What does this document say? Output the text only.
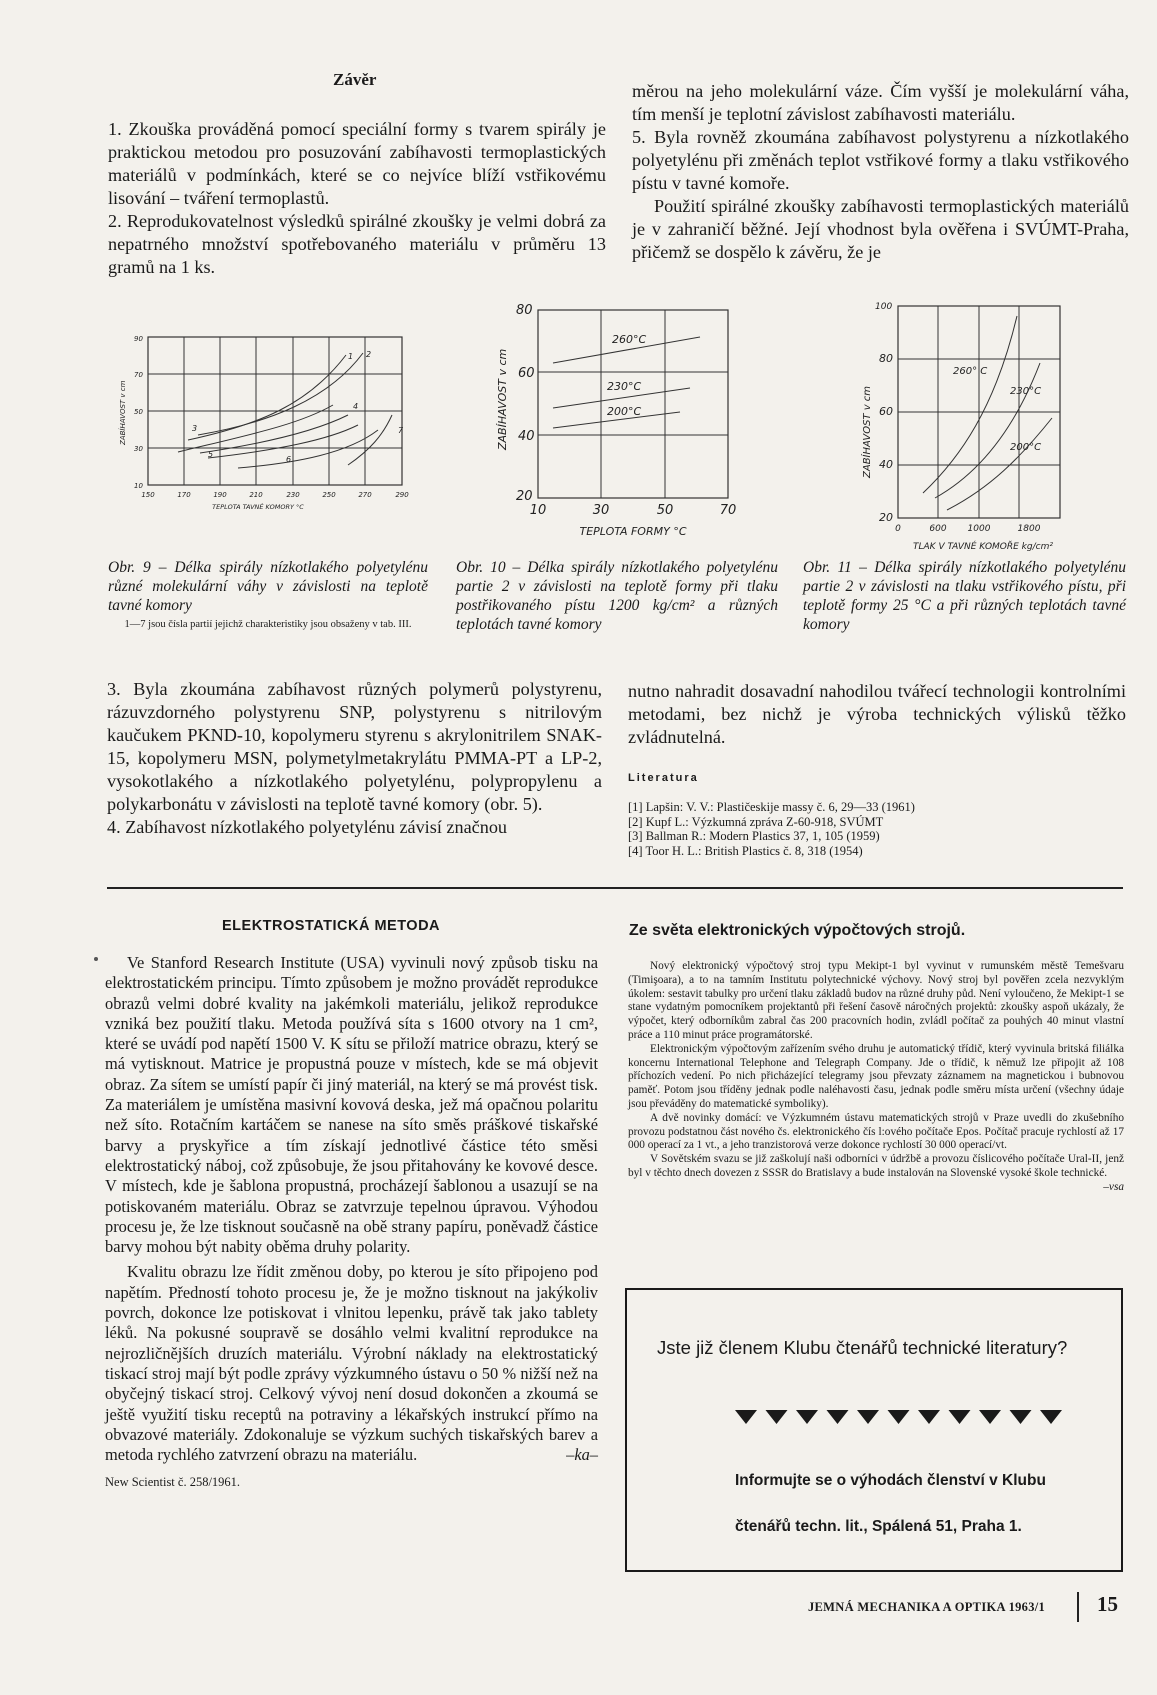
Závěr

1. Zkouška prováděná pomocí speciální formy s tvarem spirály je praktickou metodou pro posuzování zabíhavosti termoplastických materiálů v podmínkách, které se co nejvíce blíží vstřikovému lisování – tváření termoplastů.

2. Reprodukovatelnost výsledků spirálné zkoušky je velmi dobrá za nepatrného množství spotřebovaného materiálu v průměru 13 gramů na 1 ks.

měrou na jeho molekulární váze. Čím vyšší je molekulární váha, tím menší je teplotní závislost zabíhavosti materiálu.

5. Byla rovněž zkoumána zabíhavost polystyrenu a nízkotlakého polyetylénu při změnách teplot vstřikové formy a tlaku vstřikového pístu v tavné komoře.

Použití spirálné zkoušky zabíhavosti termoplastických materiálů je v zahraničí běžné. Její vhodnost byla ověřena i SVÚMT-Praha, přičemž se dospělo k závěru, že je

ZABÍHAVOST v cm
90
70
50
30
10
150	170	190	210	230	250	270	290
TEPLOTA TAVNÉ KOMORY °C
1 2
3
4
5
6
7	ZABÍHAVOST v cm
80
60
40
20
10	30	50	70
TEPLOTA FORMY °C
260°C
230°C
200°C	ZABÍHAVOST v cm
100
80
60
40
20
0	600 1000	1800
TLAK V TAVNÉ KOMOŘE kg/cm²
260° C
230°C
200°C
Obr. 9 – Délka spirály nízkotlakého polyetylénu různé molekulární váhy v závislosti na teplotě tavné komory
1—7 jsou čísla partií jejichž charakteristiky jsou obsaženy v tab. III.
Obr. 10 – Délka spirály nízkotlakého polyetylénu partie 2 v závislosti na teplotě formy při tlaku postřikovaného pístu 1200 kg/cm² a různých teplotách tavné komory
Obr. 11 – Délka spirály nízkotlakého polyetylénu partie 2 v závislosti na tlaku vstřikového pístu, při teplotě formy 25 °C a při různých teplotách tavné komory

3. Byla zkoumána zabíhavost různých polymerů polystyrenu, rázuvzdorného polystyrenu SNP, polystyrenu s nitrilovým kaučukem PKND-10, kopolymeru styrenu s akrylonitrilem SNAK-15, kopolymeru MSN, polymetylmetakrylátu PMMA-PT a LP-2, vysokotlakého a nízkotlakého polyetylénu, polypropylenu a polykarbonátu v závislosti na teplotě tavné komory (obr. 5).

4. Zabíhavost nízkotlakého polyetylénu závisí značnou

nutno nahradit dosavadní nahodilou tvářecí technologii kontrolními metodami, bez nichž je výroba technických výlisků těžko zvládnutelná.
Literatura
[1] Lapšin: V. V.: Plastičeskije massy č. 6, 29—33 (1961)
[2] Kupf L.: Výzkumná zpráva Z-60-918, SVÚMT
[3] Ballman R.: Modern Plastics 37, 1, 105 (1959)
[4] Toor H. L.: British Plastics č. 8, 318 (1954)
ELEKTROSTATICKÁ METODA

Ve Stanford Research Institute (USA) vyvinuli nový způsob tisku na elektrostatickém principu. Tímto způsobem je možno provádět reprodukce obrazů velmi dobré kvality na jakémkoli materiálu, jelikož reprodukce vzniká bez použití tlaku. Metoda používá síta s 1600 otvory na 1 cm², které se uvádí pod napětí 1500 V. K sítu se přiloží matrice obrazu, který se má vytisknout. Matrice je propustná pouze v místech, kde se má objevit obraz. Za sítem se umístí papír či jiný materiál, na který se má provést tisk. Za materiálem je umístěna masivní kovová deska, jež má opačnou polaritu než síto. Rotačním kartáčem se nanese na síto směs práškové tiskařské barvy a pryskyřice a tím získají jednotlivé částice této směsi elektrostatický náboj, což způsobuje, že jsou přitahovány ke kovové desce. V místech, kde je šablona propustná, procházejí šablonou a usazují se na potiskovaném materiálu. Obraz se zatvrzuje tepelnou úpravou. Výhodou procesu je, že lze tisknout současně na obě strany papíru, poněvadž částice barvy mohou být nabity oběma druhy polarity.

Kvalitu obrazu lze řídit změnou doby, po kterou je síto připojeno pod napětím. Předností tohoto procesu je, že je možno tisknout na jakýkoliv povrch, dokonce lze potiskovat i vlnitou lepenku, právě tak jako tablety léků. Na pokusné soupravě se dosáhlo velmi kvalitní reprodukce na nejrozličnějších druzích materiálu. Výrobní náklady na elektrostatický tiskací stroj mají být podle zprávy výzkumného ústavu o 50 % nižší než na obyčejný tiskací stroj. Celkový vývoj není dosud dokončen a zkoumá se ještě využití tisku receptů na potraviny a lékařských instrukcí přímo na obvazové materiály. Zdokonaluje se výzkum suchých tiskařských barev a metoda rychlého zatvrzení obrazu na materiálu.	–ka–
New Scientist č. 258/1961.
Ze světa elektronických výpočtových strojů.

Nový elektronický výpočtový stroj typu Mekipt-1 byl vyvinut v rumunském městě Temešvaru (Timişoara), a to na tamním Institutu polytechnické výchovy. Nový stroj byl pověřen zcela nezvyklým úkolem: sestavit tabulky pro určení tlaku základů budov na různé druhy půd. Není vyloučeno, že Mekipt-1 se stane vydatným pomocníkem projektantů při řešení časově náročných projektů: zkoušky aspoň ukázaly, že výpočet, který odborníkům zabral čas 200 pracovních hodin, zvládl počítač za pouhých 40 minut vlastní práce a 110 minut práce programátorské.

Elektronickým výpočtovým zařízením svého druhu je automatický třídič, který vyvinula britská filiálka koncernu International Telephone and Telegraph Company. Jde o třídič, k němuž lze připojit až 108 příchozích vedení. Po nich přicházející telegramy jsou převzaty záznamem na magnetickou i bubnovou paměť. Potom jsou tříděny jednak podle naléhavosti času, jednak podle směru místa určení (všechny údaje jsou převáděny do matematické symboliky).

A dvě novinky domácí: ve Výzkumném ústavu matematických strojů v Praze uvedli do zkušebního provozu podstatnou část nového čs. elektronického čís l:ového počítače Epos. Počítač pracuje rychlostí až 17 000 operací za 1 vt., a jeho tranzistorová verze dokonce rychlostí 30 000 operací/vt.

V Sovětském svazu se již zaškolují naši odborníci v údržbě a provozu číslicového počítače Ural-II, jenž byl v těchto dnech dovezen z SSSR do Bratislavy a bude instalován na Slovenské vysoké škole technické.

–vsa
Jste již členem Klubu čtenářů technické literatury?
Informujte se o výhodách členství v Klubu
čtenářů techn. lit., Spálená 51, Praha 1.
JEMNÁ MECHANIKA A OPTIKA 1963/1 15
